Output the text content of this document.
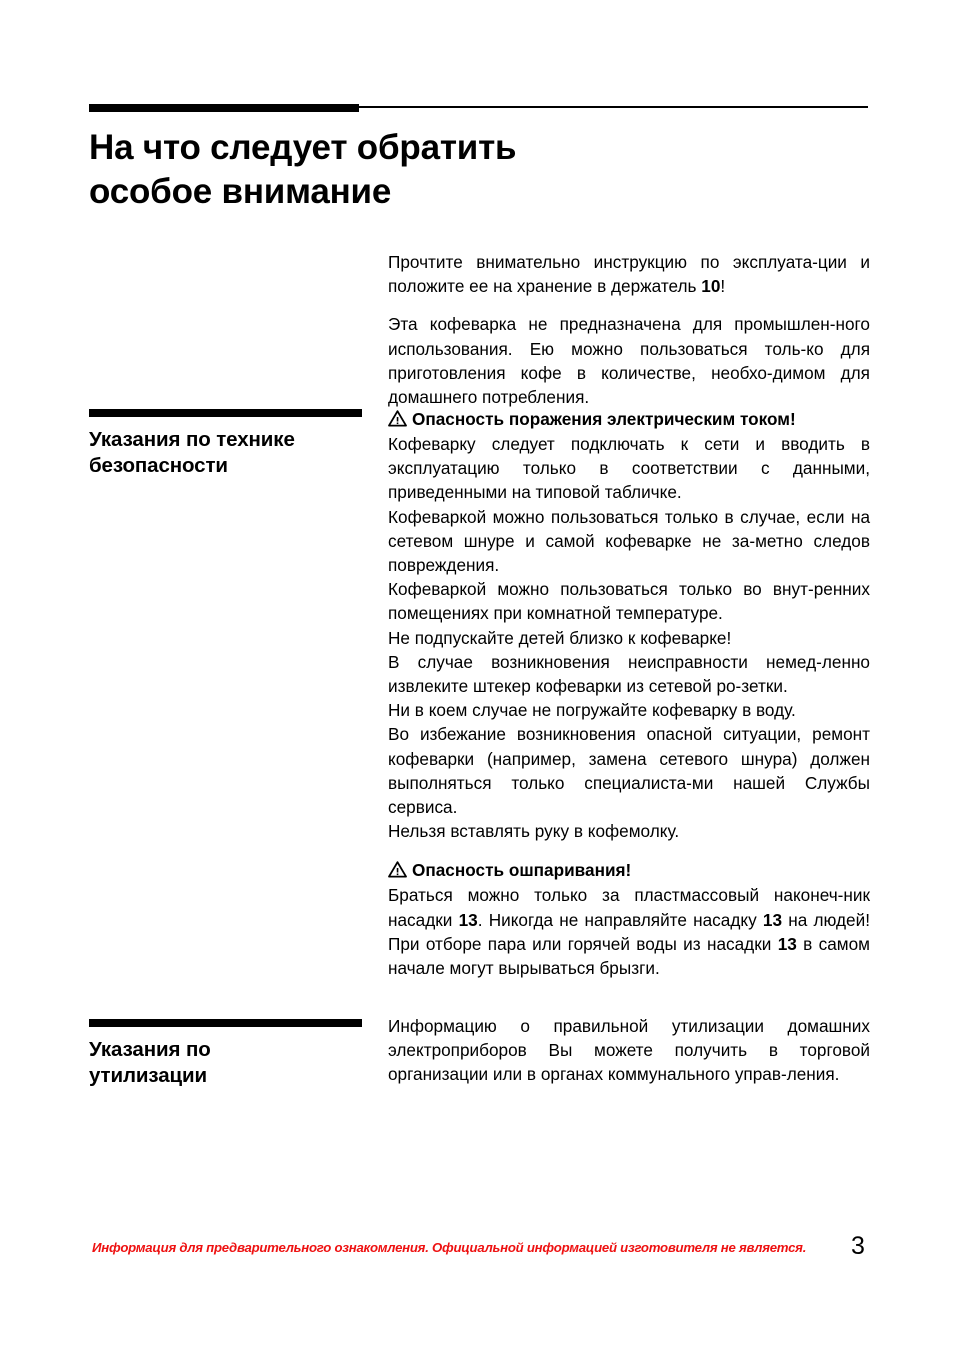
На что следует обратить
особое внимание

Прочтите внимательно инструкцию по эксплуата-ции и положите ее на хранение в держатель 10!

Эта кофеварка не предназначена для промышлен-ного использования. Ею можно пользоваться толь-ко для приготовления кофе в количестве, необхо-димом для домашнего потребления.

Указания по технике
безопасности
Опасность поражения электрическим током!

Кофеварку следует подключать к сети и вводить в эксплуатацию только в соответствии с данными, приведенными на типовой табличке.

Кофеваркой можно пользоваться только в случае, если на сетевом шнуре и самой кофеварке не за-метно следов повреждения.

Кофеваркой можно пользоваться только во внут-ренних помещениях при комнатной температуре.

Не подпускайте детей близко к кофеварке!

В случае возникновения неисправности немед-ленно извлеките штекер кофеварки из сетевой ро-зетки.

Ни в коем случае не погружайте кофеварку в воду.

Во избежание возникновения опасной ситуации, ремонт кофеварки (например, замена сетевого шнура) должен выполняться только специалиста-ми нашей Службы сервиса.

Нельзя вставлять руку в кофемолку.

Опасность ошпаривания!

Браться можно только за пластмассовый наконеч-ник насадки 13. Никогда не направляйте насадку 13 на людей! При отборе пара или горячей воды из насадки 13 в самом начале могут вырываться брызги.

Указания по
утилизации

Информацию о правильной утилизации домашних электроприборов Вы можете получить в торговой организации или в органах коммунального управ-ления.

Информация для предварительного ознакомления. Официальной информацией изготовителя не является. 3
